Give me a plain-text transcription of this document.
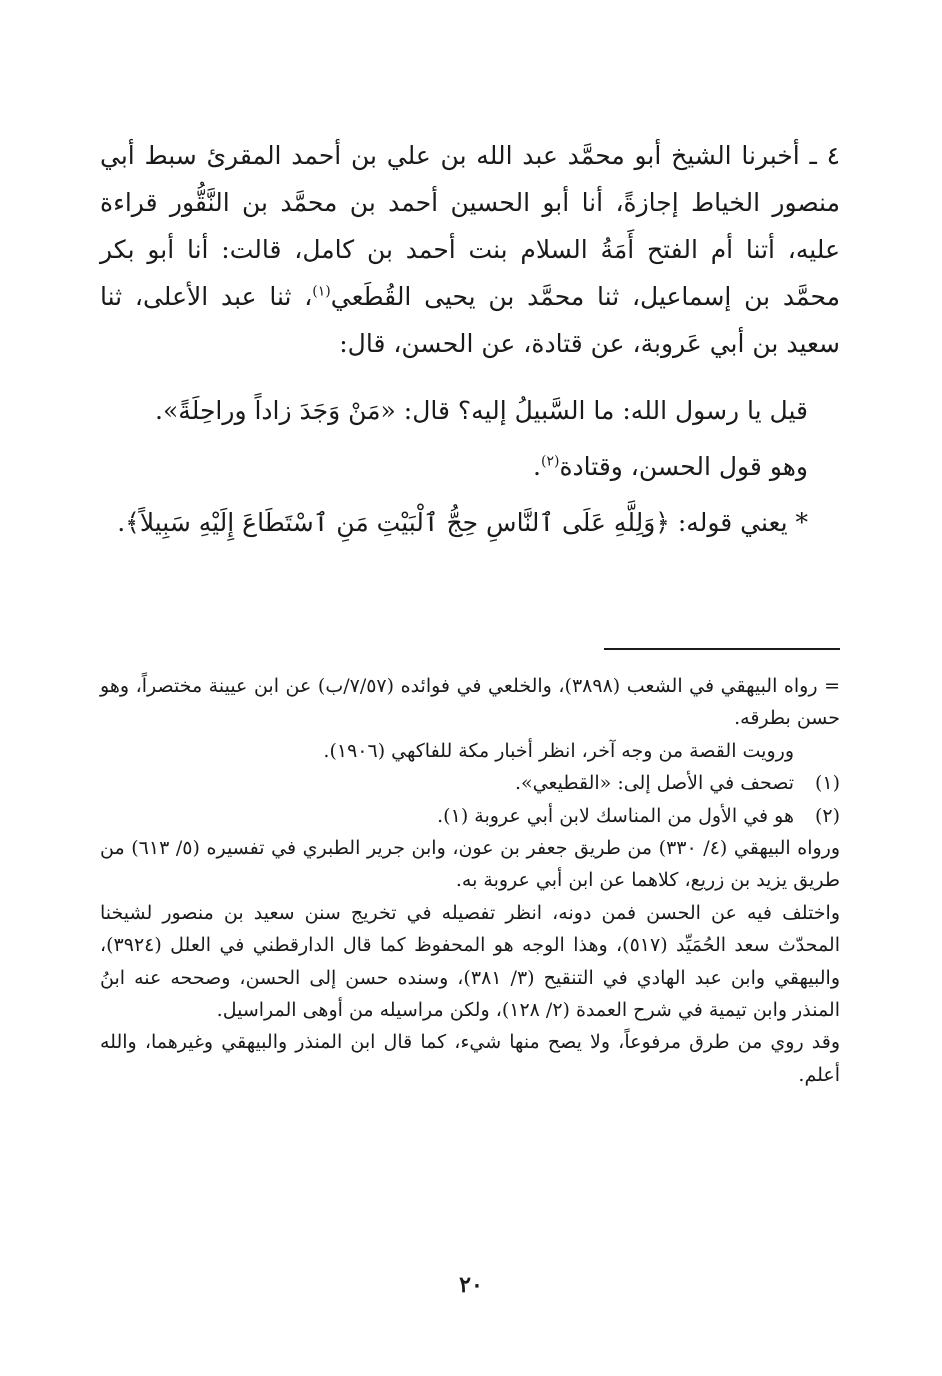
٤ ـ أخبرنا الشيخ أبو محمَّد عبد الله بن علي بن أحمد المقرئ سبط أبي منصور الخياط إجازةً، أنا أبو الحسين أحمد بن محمَّد بن النَّقُّور قراءة عليه، أتنا أم الفتح أَمَةُ السلام بنت أحمد بن كامل، قالت: أنا أبو بكر محمَّد بن إسماعيل، ثنا محمَّد بن يحيى القُطَعي$^{(١)}$، ثنا عبد الأعلى، ثنا سعيد بن أبي عَروبة، عن قتادة، عن الحسن، قال:

قيل يا رسول الله: ما السَّبيلُ إليه؟ قال: «مَنْ وَجَدَ زاداً وراحِلَةً».

وهو قول الحسن، وقتادة$^{(٢)}$.

* يعني قوله: ﴿وَلِلَّهِ عَلَى ٱلنَّاسِ حِجُّ ٱلْبَيْتِ مَنِ ٱسْتَطَاعَ إِلَيْهِ سَبِيلاً﴾.

= رواه البيهقي في الشعب (٣٨٩٨)، والخلعي في فوائده (٧/٥٧/ب) عن ابن عيينة مختصراً، وهو حسن بطرقه.

ورويت القصة من وجه آخر، انظر أخبار مكة للفاكهي (١٩٠٦).

(١)
تصحف في الأصل إلى: «القطيعي».
(٢)
هو في الأول من المناسك لابن أبي عروبة (١).

ورواه البيهقي (٤/ ٣٣٠) من طريق جعفر بن عون، وابن جرير الطبري في تفسيره (٥/ ٦١٣) من طريق يزيد بن زريع، كلاهما عن ابن أبي عروبة به.

واختلف فيه عن الحسن فمن دونه، انظر تفصيله في تخريج سنن سعيد بن منصور لشيخنا المحدّث سعد الحُمَيِّد (٥١٧)، وهذا الوجه هو المحفوظ كما قال الدارقطني في العلل (٣٩٢٤)، والبيهقي وابن عبد الهادي في التنقيح (٣/ ٣٨١)، وسنده حسن إلى الحسن، وصححه عنه ابنُ المنذر وابن تيمية في شرح العمدة (٢/ ١٢٨)، ولكن مراسيله من أوهى المراسيل.

وقد روي من طرق مرفوعاً، ولا يصح منها شيء، كما قال ابن المنذر والبيهقي وغيرهما، والله أعلم.

٢٠
